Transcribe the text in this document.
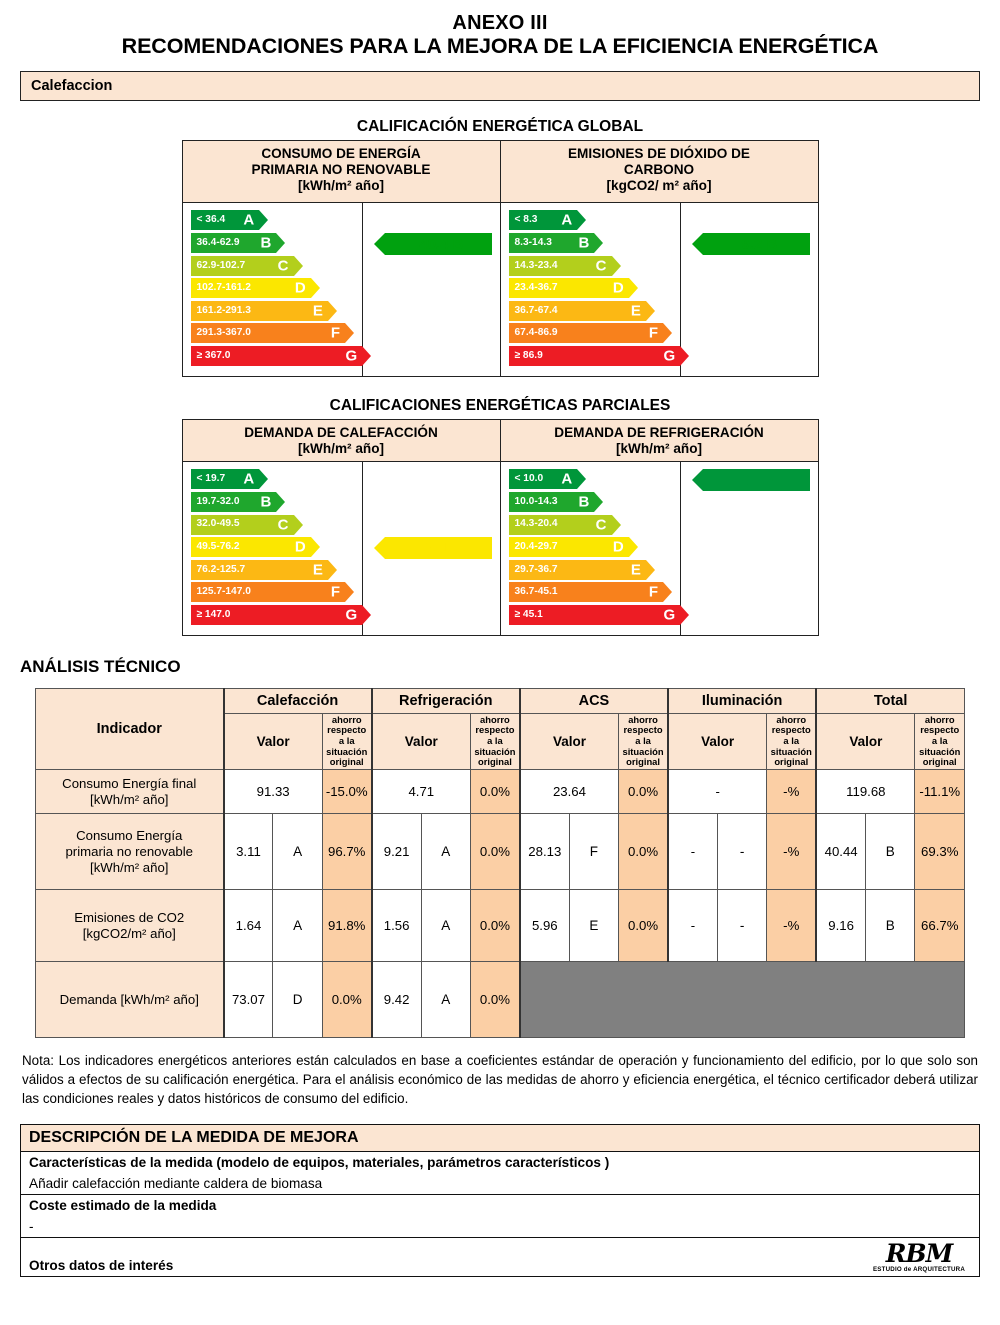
ANEXO III
RECOMENDACIONES PARA LA MEJORA DE LA EFICIENCIA ENERGÉTICA
Calefaccion
CALIFICACIÓN ENERGÉTICA GLOBAL
CONSUMO DE ENERGÍA
PRIMARIA NO RENOVABLE
[kWh/m² año]
< 36.4 A
36.4-62.9 B
62.9-102.7 C
102.7-161.2	D
161.2-291.3	E
291.3-367.0	F
≥ 367.0	G
40.4 B
EMISIONES DE DIÓXIDO DE
CARBONO
[kgCO2/ m² año]
< 8.3 A
8.3-14.3 B
14.3-23.4	C
23.4-36.7	D
36.7-67.4	E
67.4-86.9	F
≥ 86.9	G
9.2 B
CALIFICACIONES ENERGÉTICAS PARCIALES
DEMANDA DE CALEFACCIÓN
[kWh/m² año]
< 19.7 A
19.7-32.0 B
32.0-49.5	C
49.5-76.2	D
76.2-125.7	E
125.7-147.0	F
≥ 147.0	G
73.1 D
DEMANDA DE REFRIGERACIÓN
[kWh/m² año]
< 10.0 A
10.0-14.3 B
14.3-20.4	C
20.4-29.7	D
29.7-36.7	E
36.7-45.1	F
≥ 45.1	G
9.4 A
ANÁLISIS TÉCNICO
Indicador	Calefacción			Refrigeración			ACS			Iluminación			Total		
Valor	
ahorro
respecto
a la
situación
original
	Valor	
ahorro
respecto
a la
situación
original
	Valor	
ahorro
respecto
a la
situación
original
	Valor	
ahorro
respecto
a la
situación
original
	Valor	
ahorro
respecto
a la
situación
original

Consumo Energía final
[kWh/m² año]	91.33		-15.0%	4.71		0.0%	23.64		0.0%	-		-%	119.68		-11.1%

Consumo Energía
primaria no renovable
[kWh/m² año]	3.11	A	96.7%	9.21	A	0.0%	28.13	F	0.0%	-	-	-%	40.44	B	69.3%

Emisiones de CO2
[kgCO2/m² año]	1.64	A	91.8%	1.56	A	0.0%	5.96	E	0.0%	-	-	-%	9.16	B	66.7%

Demanda [kWh/m² año]	73.07	D	0.0%	9.42	A	0.0%									
Nota: Los indicadores energéticos anteriores están calculados en base a coeficientes estándar de operación y funcionamiento del edificio, por lo que solo son válidos a efectos de su calificación energética. Para el análisis económico de las medidas de ahorro y eficiencia energética, el técnico certificador deberá utilizar las condiciones reales y datos históricos de consumo del edificio.
DESCRIPCIÓN DE LA MEDIDA DE MEJORA
Características de la medida (modelo de equipos, materiales, parámetros característicos )
Añadir calefacción mediante caldera de biomasa
Coste estimado de la medida
-
Otros datos de interés	RBM
ESTUDIO de ARQUITECTURA
